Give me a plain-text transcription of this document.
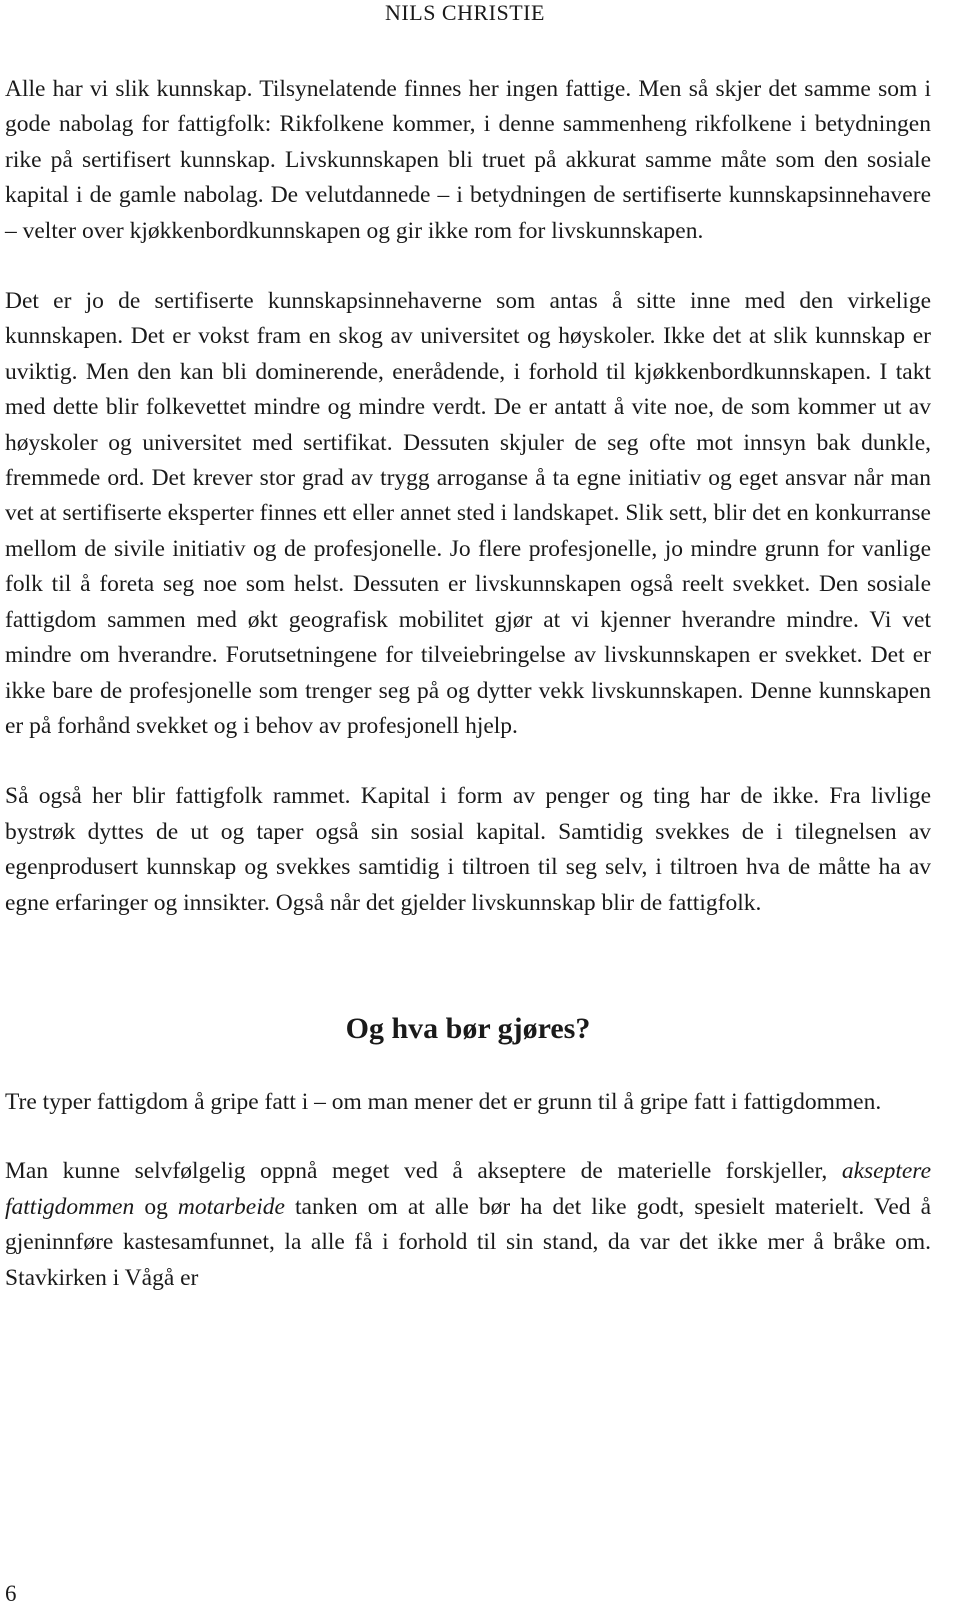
NILS CHRISTIE

Alle har vi slik kunnskap. Tilsynelatende finnes her ingen fattige. Men så skjer det samme som i gode nabolag for fattigfolk: Rikfolkene kommer, i denne sammenheng rikfolkene i betydningen rike på sertifisert kunnskap. Livskunnskapen bli truet på akkurat samme måte som den sosiale kapital i de gamle nabolag. De velutdannede – i betydningen de sertifiserte kunnskapsinnehavere – velter over kjøkkenbordkunnskapen og gir ikke rom for livskunnskapen.

Det er jo de sertifiserte kunnskapsinnehaverne som antas å sitte inne med den virkelige kunnskapen. Det er vokst fram en skog av universitet og høyskoler. Ikke det at slik kunnskap er uviktig. Men den kan bli dominerende, enerådende, i forhold til kjøkkenbordkunnskapen. I takt med dette blir folkevettet mindre og mindre verdt. De er antatt å vite noe, de som kommer ut av høyskoler og universitet med sertifikat. Dessuten skjuler de seg ofte mot innsyn bak dunkle, fremmede ord. Det krever stor grad av trygg arroganse å ta egne initiativ og eget ansvar når man vet at sertifiserte eksperter finnes ett eller annet sted i landskapet. Slik sett, blir det en konkurranse mellom de sivile initiativ og de profesjonelle. Jo flere profesjonelle, jo mindre grunn for vanlige folk til å foreta seg noe som helst. Dessuten er livskunnskapen også reelt svekket. Den sosiale fattigdom sammen med økt geografisk mobilitet gjør at vi kjenner hverandre mindre. Vi vet mindre om hverandre. Forutsetningene for tilveiebringelse av livskunnskapen er svekket. Det er ikke bare de profesjonelle som trenger seg på og dytter vekk livskunnskapen. Denne kunnskapen er på forhånd svekket og i behov av profesjonell hjelp.

Så også her blir fattigfolk rammet. Kapital i form av penger og ting har de ikke. Fra livlige bystrøk dyttes de ut og taper også sin sosial kapital. Samtidig svekkes de i tilegnelsen av egenprodusert kunnskap og svekkes samtidig i tiltroen til seg selv, i tiltroen hva de måtte ha av egne erfaringer og innsikter. Også når det gjelder livskunnskap blir de fattigfolk.

Og hva bør gjøres?

Tre typer fattigdom å gripe fatt i – om man mener det er grunn til å gripe fatt i fattigdommen.

Man kunne selvfølgelig oppnå meget ved å akseptere de materielle forskjeller, akseptere fattigdommen og motarbeide tanken om at alle bør ha det like godt, spesielt materielt. Ved å gjeninnføre kastesamfunnet, la alle få i forhold til sin stand, da var det ikke mer å bråke om. Stavkirken i Vågå er

6
